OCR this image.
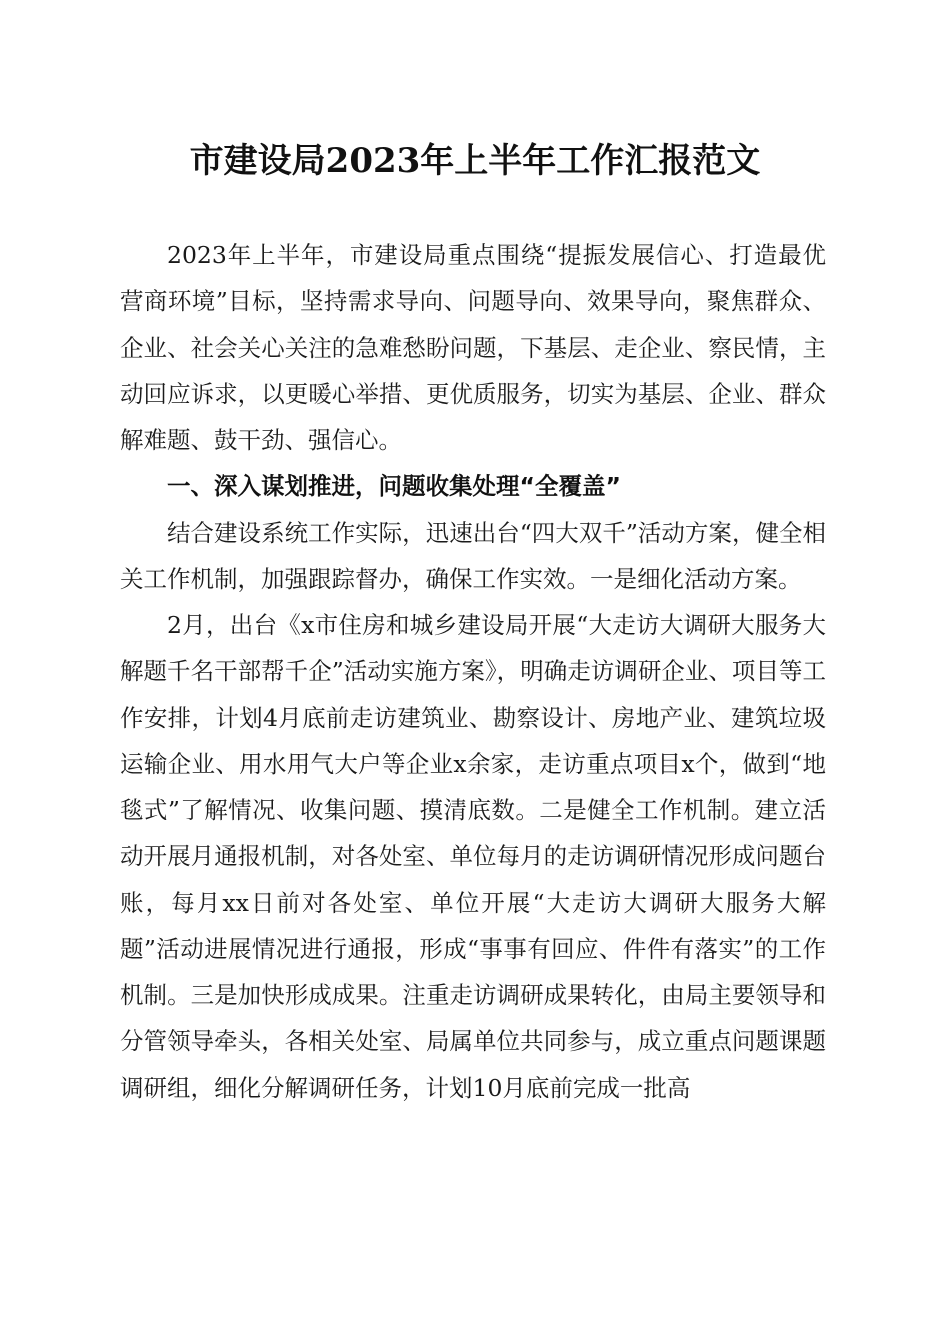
市建设局2023年上半年工作汇报范文

2023年上半年，市建设局重点围绕“提振发展信心、打造最优营商环境”目标，坚持需求导向、问题导向、效果导向，聚焦群众、企业、社会关心关注的急难愁盼问题，下基层、走企业、察民情，主动回应诉求，以更暖心举措、更优质服务，切实为基层、企业、群众解难题、鼓干劲、强信心。

一、深入谋划推进，问题收集处理“全覆盖”

结合建设系统工作实际，迅速出台“四大双千”活动方案，健全相关工作机制，加强跟踪督办，确保工作实效。一是细化活动方案。

2月，出台《x市住房和城乡建设局开展“大走访大调研大服务大解题千名干部帮千企”活动实施方案》，明确走访调研企业、项目等工作安排，计划4月底前走访建筑业、勘察设计、房地产业、建筑垃圾运输企业、用水用气大户等企业x余家，走访重点项目x个，做到“地毯式”了解情况、收集问题、摸清底数。二是健全工作机制。建立活动开展月通报机制，对各处室、单位每月的走访调研情况形成问题台账，每月xx日前对各处室、单位开展“大走访大调研大服务大解题”活动进展情况进行通报，形成“事事有回应、件件有落实”的工作机制。三是加快形成成果。注重走访调研成果转化，由局主要领导和分管领导牵头，各相关处室、局属单位共同参与，成立重点问题课题调研组，细化分解调研任务，计划10月底前完成一批高
